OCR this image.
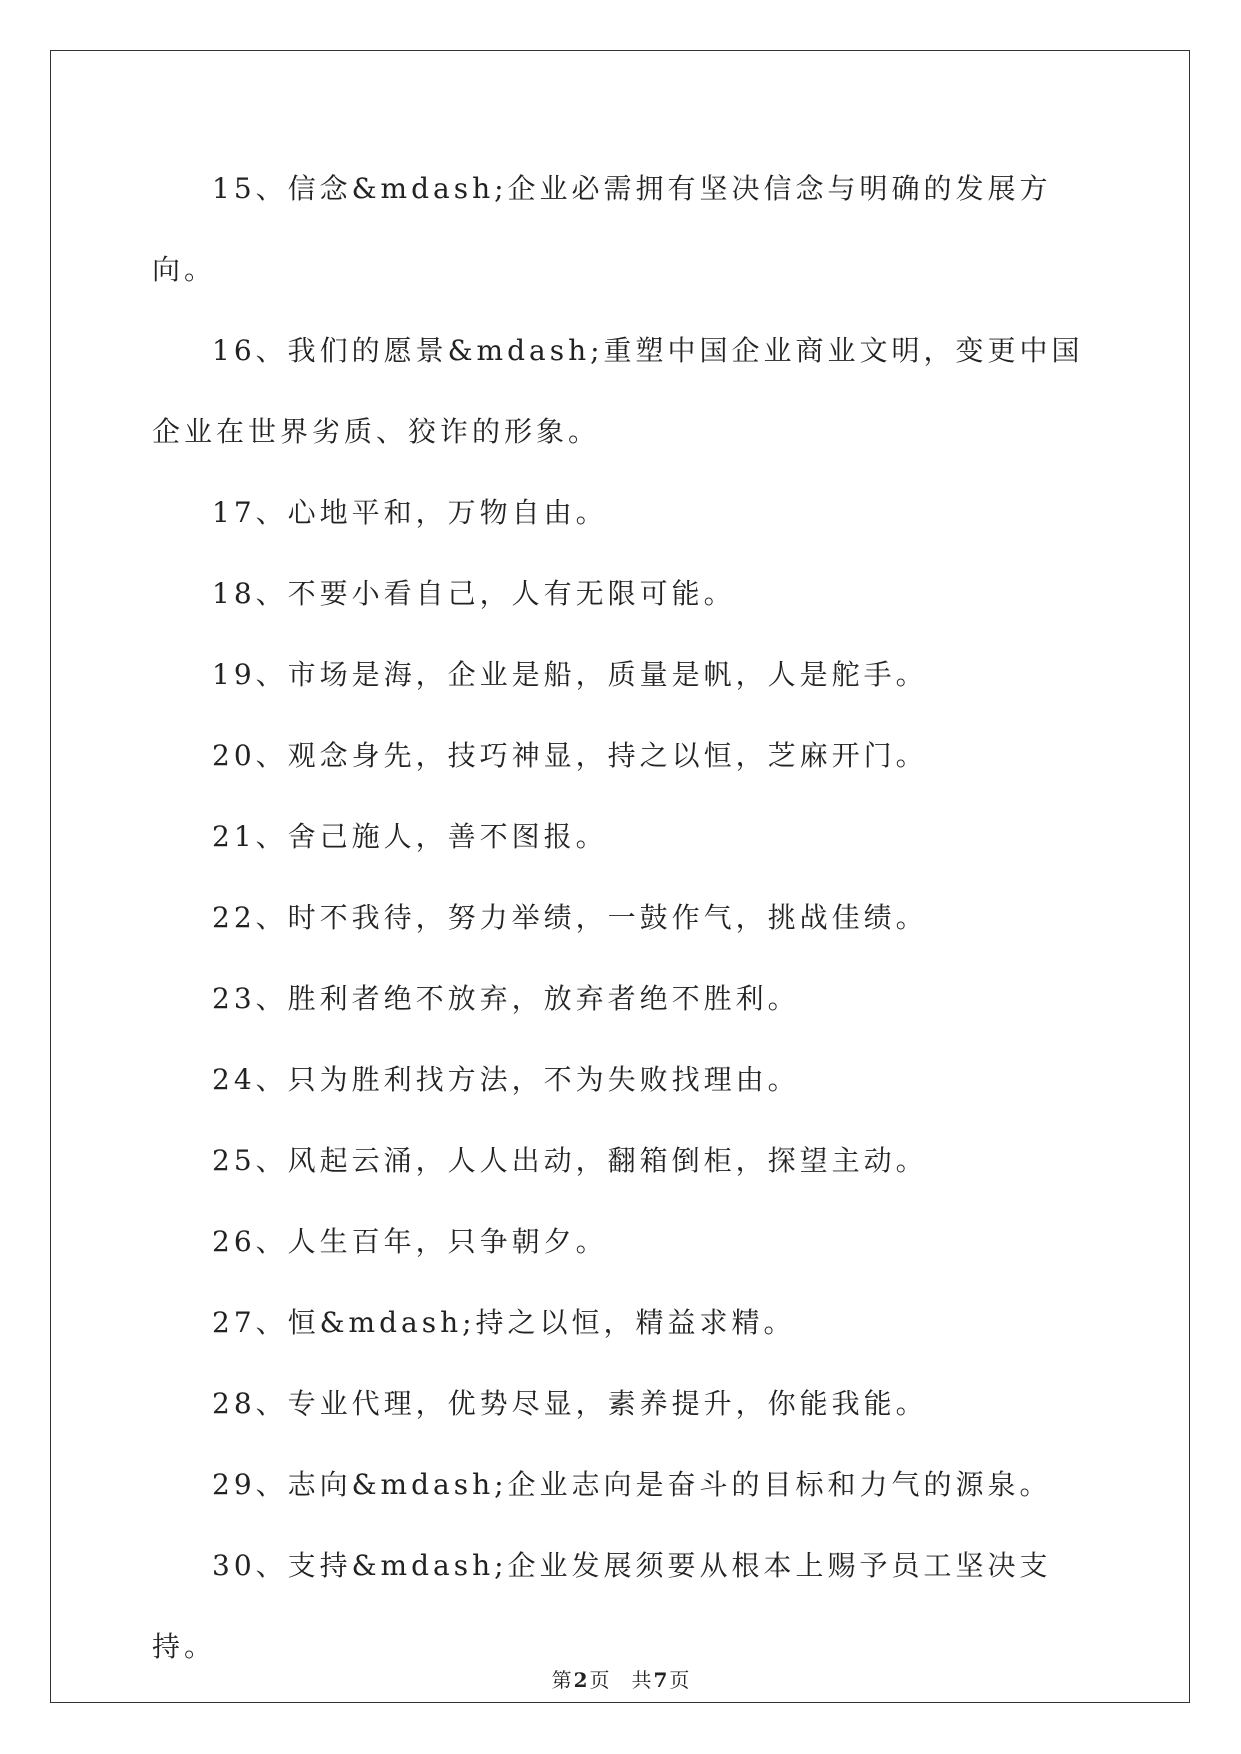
15、信念&mdash;企业必需拥有坚决信念与明确的发展方向。

16、我们的愿景&mdash;重塑中国企业商业文明，变更中国企业在世界劣质、狡诈的形象。

17、心地平和，万物自由。

18、不要小看自己，人有无限可能。

19、市场是海，企业是船，质量是帆，人是舵手。

20、观念身先，技巧神显，持之以恒，芝麻开门。

21、舍己施人，善不图报。

22、时不我待，努力举绩，一鼓作气，挑战佳绩。

23、胜利者绝不放弃，放弃者绝不胜利。

24、只为胜利找方法，不为失败找理由。

25、风起云涌，人人出动，翻箱倒柜，探望主动。

26、人生百年，只争朝夕。

27、恒&mdash;持之以恒，精益求精。

28、专业代理，优势尽显，素养提升，你能我能。

29、志向&mdash;企业志向是奋斗的目标和力气的源泉。

30、支持&mdash;企业发展须要从根本上赐予员工坚决支持。

第 2 页 共 7 页
